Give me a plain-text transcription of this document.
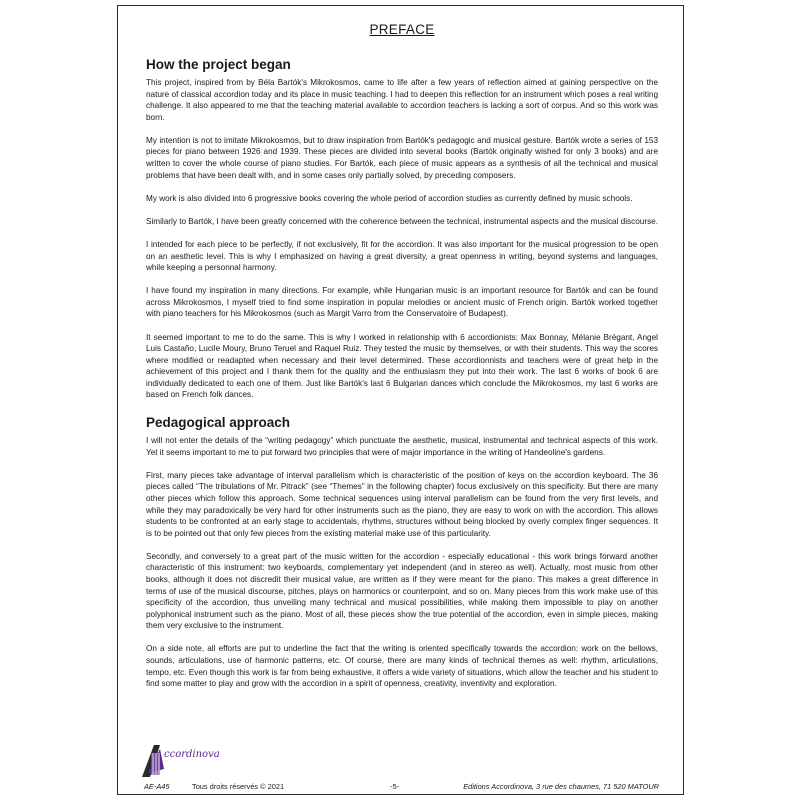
PREFACE
How the project began

This project, inspired from by Béla Bartók's Mikrokosmos, came to life after a few years of reflection aimed at gaining perspective on the nature of classical accordion today and its place in music teaching. I had to deepen this reflection for an instrument which poses a real writing challenge. It also appeared to me that the teaching material available to accordion teachers is lacking a sort of corpus. And so this work was born.

My intention is not to imitate Mikrokosmos, but to draw inspiration from Bartók's pedagogic and musical gesture. Bartók wrote a series of 153 pieces for piano between 1926 and 1939. These pieces are divided into several books (Bartók originally wished for only 3 books) and are written to cover the whole course of piano studies. For Bartók, each piece of music appears as a synthesis of all the technical and musical problems that have been dealt with, and in some cases only partially solved, by preceding composers.

My work is also divided into 6 progressive books covering the whole period of accordion studies as currently defined by music schools.

Similarly to Bartók, I have been greatly concerned with the coherence between the technical, instrumental aspects and the musical discourse.

I intended for each piece to be perfectly, if not exclusively, fit for the accordion. It was also important for the musical progression to be open on an aesthetic level. This is why I emphasized on having a great diversity, a great openness in writing, beyond systems and languages, while keeping a personnal harmony.

I have found my inspiration in many directions. For example, while Hungarian music is an important resource for Bartók and can be found across Mikrokosmos, I myself tried to find some inspiration in popular melodies or ancient music of French origin. Bartók worked together with piano teachers for his Mikrokosmos (such as Margit Varro from the Conservatoire of Budapest).

It seemed important to me to do the same. This is why I worked in relationship with 6 accordionists: Max Bonnay, Mélanie Brégant, Angel Luis Castaño, Lucile Moury, Bruno Teruel and Raquel Ruiz. They tested the music by themselves, or with their students. This way the scores where modified or readapted when necessary and their level determined. These accordionnists and teachers were of great help in the achievement of this project and I thank them for the quality and the enthusiasm they put into their work. The last 6 works of book 6 are individually dedicated to each one of them. Just like Bartók's last 6 Bulgarian dances which conclude the Mikrokosmos, my last 6 works are based on French folk dances.

Pedagogical approach

I will not enter the details of the “writing pedagogy” which punctuate the aesthetic, musical, instrumental and technical aspects of this work. Yet it seems important to me to put forward two principles that were of major importance in the writing of Handeoline's gardens.

First, many pieces take advantage of interval parallelism which is characteristic of the position of keys on the accordion keyboard. The 36 pieces called “The tribulations of Mr. Pitrack” (see “Themes” in the following chapter) focus exclusively on this specificity. But there are many other pieces which follow this approach. Some technical sequences using interval parallelism can be found from the very first levels, and while they may paradoxically be very hard for other instruments such as the piano, they are easy to work on with the accordion. This allows students to be confronted at an early stage to accidentals, rhythms, structures without being blocked by overly complex finger sequences. It is to be pointed out that only few pieces from the existing material make use of this particularity.

Secondly, and conversely to a great part of the music written for the accordion - especially educational - this work brings forward another characteristic of this instrument: two keyboards, complementary yet independent (and in stereo as well). Actually, most music from other books, although it does not discredit their musical value, are written as if they were meant for the piano. This makes a great difference in terms of use of the musical discourse, pitches, plays on harmonics or counterpoint, and so on. Many pieces from this work make use of this specificity of the accordion, thus unveiling many technical and musical possibilities, while making them impossible to play on another polyphonical instrument such as the piano. Most of all, these pieces show the true potential of the accordion, even in simple pieces, making them very exclusive to the instrument.

On a side note, all efforts are put to underline the fact that the writing is oriented specifically towards the accordion: work on the bellows, sounds, articulations, use of harmonic patterns, etc. Of course, there are many kinds of technical themes as well: rhythm, articulations, tempo, etc. Even though this work is far from being exhaustive, it offers a wide variety of situations, which allow the teacher and his student to find some matter to play and grow with the accordion in a spirit of openness, creativity, inventivity and exploration.

ccordinova
AE-A45	Tous droits réservés © 2021	-5-	Editions Accordinova, 3 rue des chaumes, 71 520 MATOUR
